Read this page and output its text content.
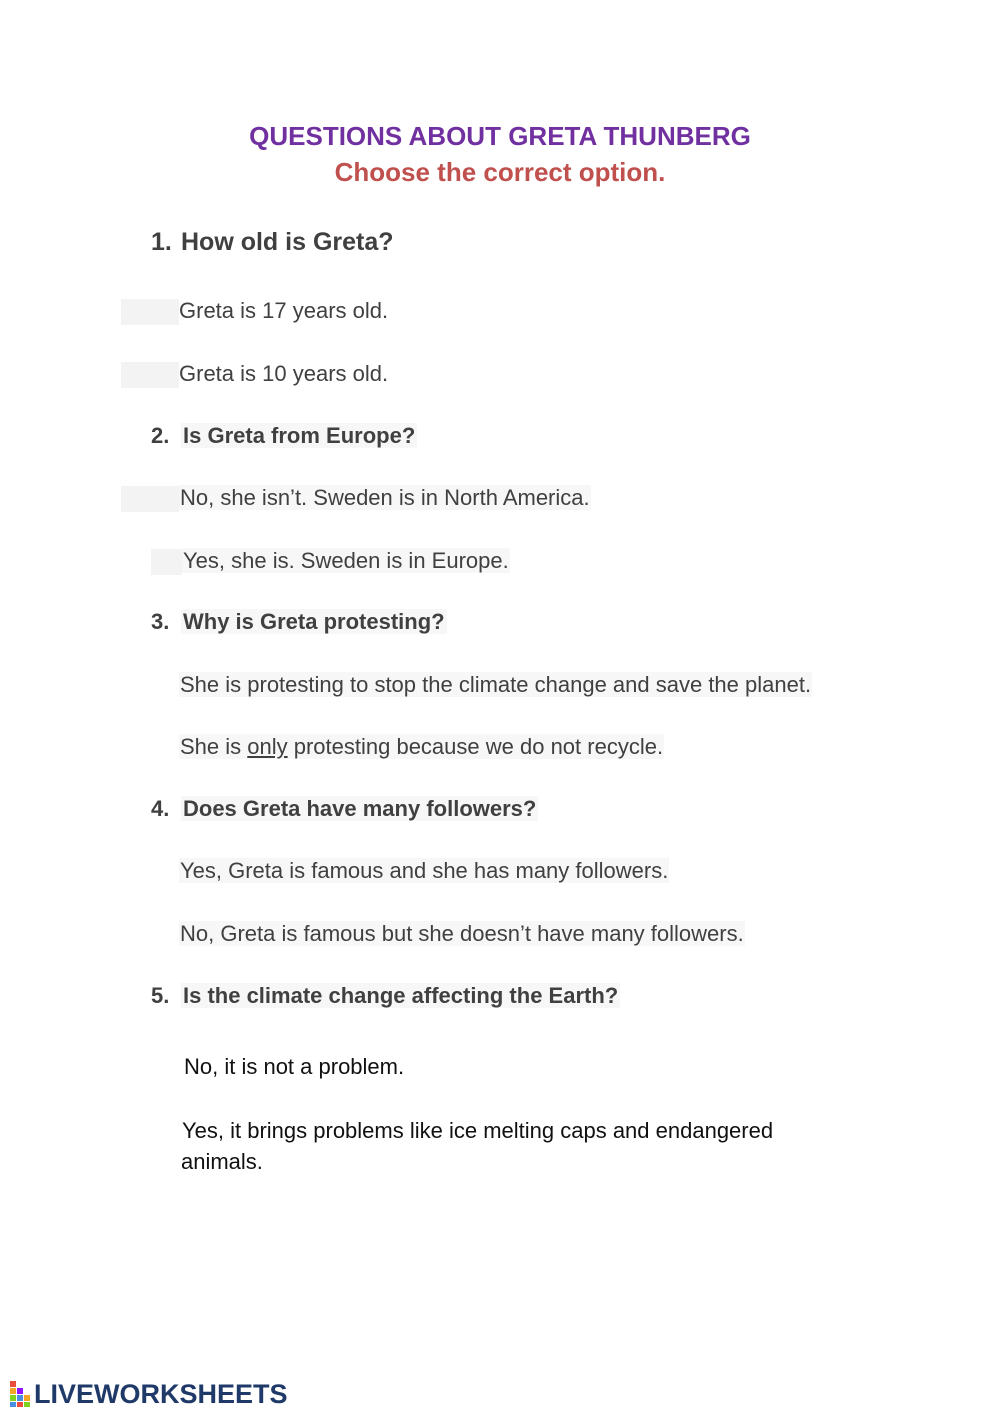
QUESTIONS ABOUT GRETA THUNBERG
Choose the correct option.
1. How old is Greta?
Greta is 17 years old.
Greta is 10 years old.
2. Is Greta from Europe?
No, she isn’t. Sweden is in North America.
Yes, she is. Sweden is in Europe.
3. Why is Greta protesting?
She is protesting to stop the climate change and save the planet.
She is only protesting because we do not recycle.
4. Does Greta have many followers?
Yes, Greta is famous and she has many followers.
No, Greta is famous but she doesn’t have many followers.
5. Is the climate change affecting the Earth?
No, it is not a problem.
Yes, it brings problems like ice melting caps and endangered animals.
LIVEWORKSHEETS
